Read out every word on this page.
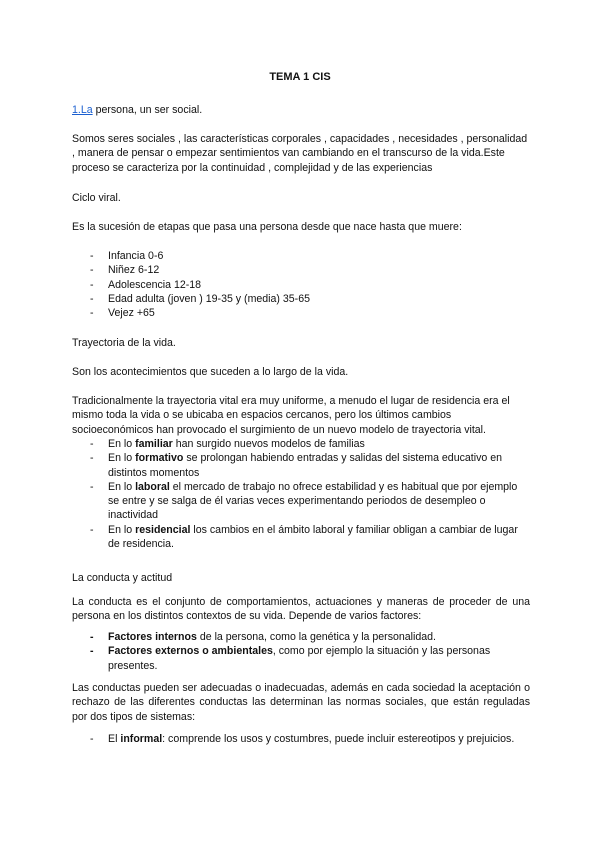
TEMA 1 CIS

1.La persona, un ser social.

Somos seres sociales , las características corporales , capacidades , necesidades , personalidad , manera de pensar o empezar sentimientos van cambiando en el transcurso de la vida.Este proceso se caracteriza por la continuidad , complejidad y de las experiencias

Ciclo viral.

Es la sucesión de etapas que pasa una persona desde que nace hasta que muere:

- Infancia 0-6
- Niñez 6-12
- Adolescencia 12-18
- Edad adulta (joven ) 19-35 y (media) 35-65
- Vejez +65

Trayectoria de la vida.

Son los acontecimientos que suceden a lo largo de la vida.

Tradicionalmente la trayectoria vital era muy uniforme, a menudo el lugar de residencia era el mismo toda la vida o se ubicaba en espacios cercanos, pero los últimos cambios socioeconómicos han provocado el surgimiento de un nuevo modelo de trayectoria vital.

- En lo familiar han surgido nuevos modelos de familias
- En lo formativo se prolongan habiendo entradas y salidas del sistema educativo en distintos momentos
- En lo laboral el mercado de trabajo no ofrece estabilidad y es habitual que por ejemplo se entre y se salga de él varias veces experimentando periodos de desempleo o inactividad
- En lo residencial los cambios en el ámbito laboral y familiar obligan a cambiar de lugar de residencia.

La conducta y actitud

La conducta es el conjunto de comportamientos, actuaciones y maneras de proceder de una persona en los distintos contextos de su vida. Depende de varios factores:

- Factores internos de la persona, como la genética y la personalidad.
- Factores externos o ambientales, como por ejemplo la situación y las personas presentes.

Las conductas pueden ser adecuadas o inadecuadas, además en cada sociedad la aceptación o rechazo de las diferentes conductas las determinan las normas sociales, que están reguladas por dos tipos de sistemas:

- El informal: comprende los usos y costumbres, puede incluir estereotipos y prejuicios.
